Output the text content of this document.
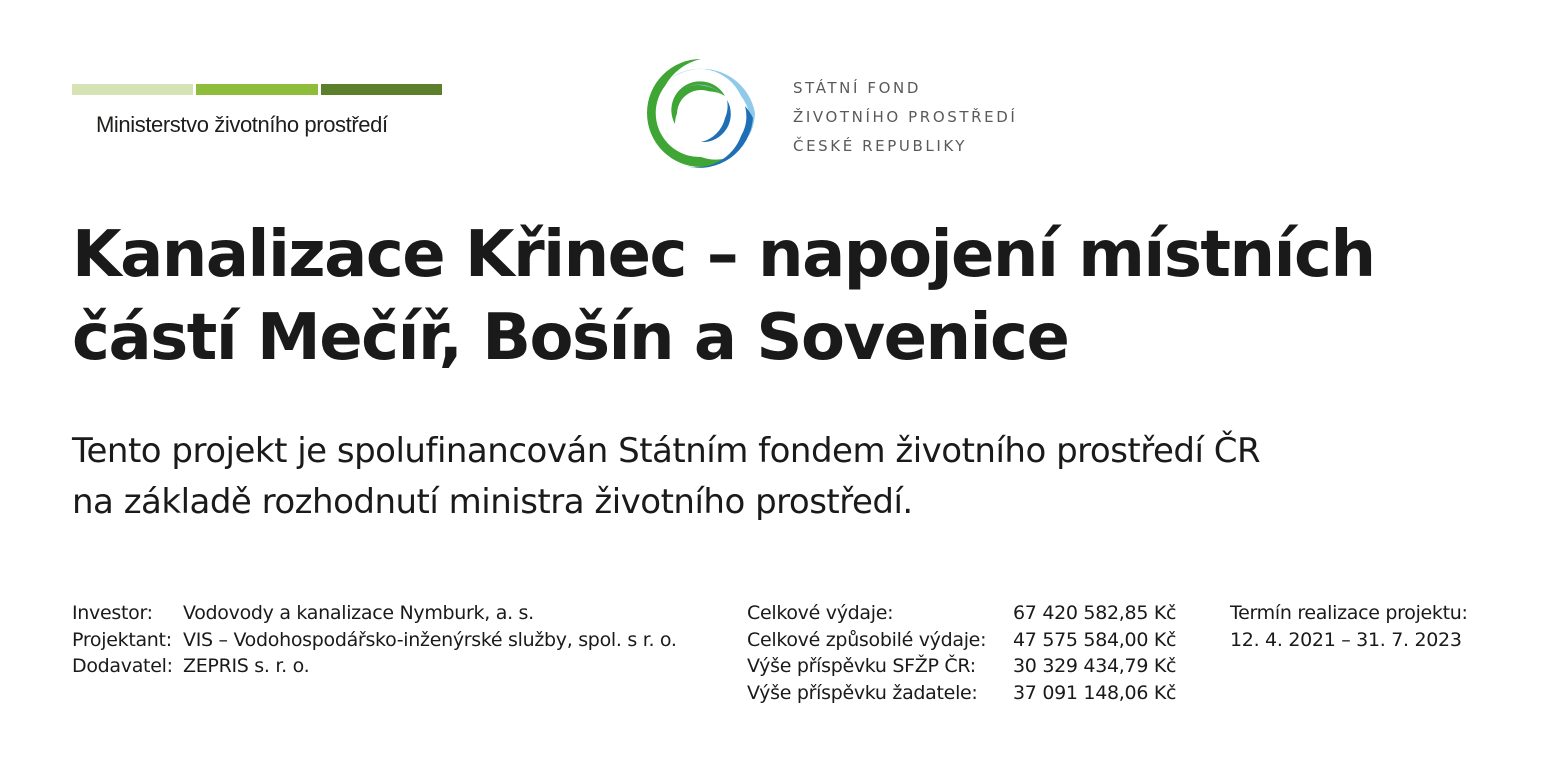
Ministerstvo životního prostředí
STÁTNÍ FOND
ŽIVOTNÍHO PROSTŘEDÍ
ČESKÉ REPUBLIKY
Kanalizace Křinec – napojení místních
částí Mečíř, Bošín a Sovenice

Tento projekt je spolufinancován Státním fondem životního prostředí ČR
na základě rozhodnutí ministra životního prostředí.

Investor:	Vodovody a kanalizace Nymburk, a. s.
Projektant: VIS – Vodohospodářsko-inženýrské služby, spol. s r. o.
Dodavatel: ZEPRIS s. r. o.
Celkové výdaje:	67 420 582,85 Kč
Celkové způsobilé výdaje:	47 575 584,00 Kč
Výše příspěvku SFŽP ČR:	30 329 434,79 Kč
Výše příspěvku žadatele:	37 091 148,06 Kč
Termín realizace projektu:
12. 4. 2021 – 31. 7. 2023
